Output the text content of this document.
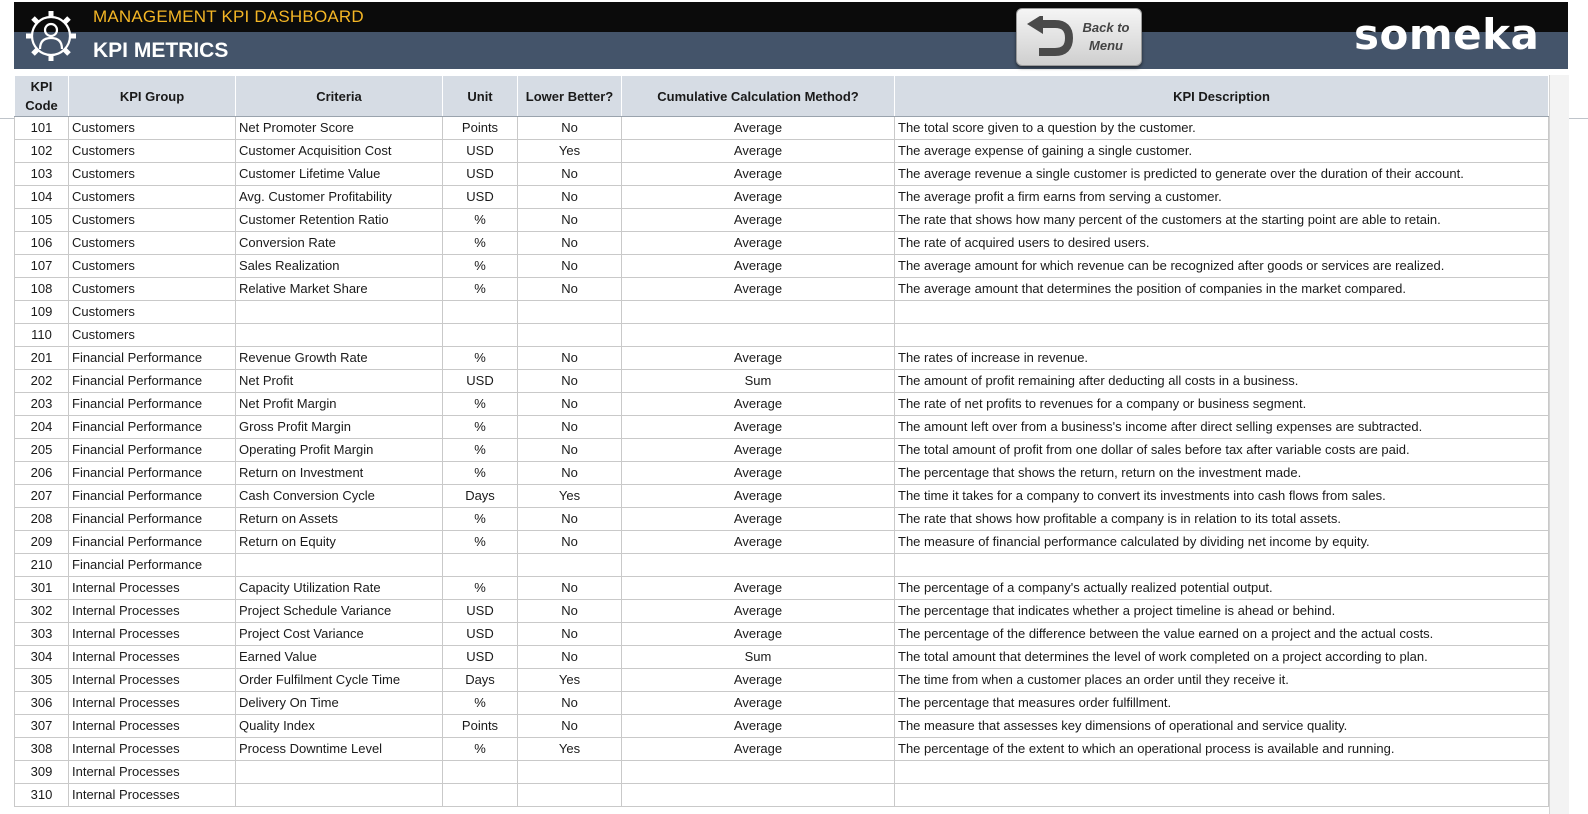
MANAGEMENT KPI DASHBOARD
KPI METRICS
Back to Menu	someka
KPI Code	KPI Group	Criteria	Unit	Lower Better?	Cumulative Calculation Method?	KPI Description
101	Customers	Net Promoter Score	Points	No	Average	The total score given to a question by the customer.
102	Customers	Customer Acquisition Cost	USD	Yes	Average	The average expense of gaining a single customer.
103	Customers	Customer Lifetime Value	USD	No	Average	The average revenue a single customer is predicted to generate over the duration of their account.
104	Customers	Avg. Customer Profitability	USD	No	Average	The average profit a firm earns from serving a customer.
105	Customers	Customer Retention Ratio	%	No	Average	The rate that shows how many percent of the customers at the starting point are able to retain.
106	Customers	Conversion Rate	%	No	Average	The rate of acquired users to desired users.
107	Customers	Sales Realization	%	No	Average	The average amount for which revenue can be recognized after goods or services are realized.
108	Customers	Relative Market Share	%	No	Average	The average amount that determines the position of companies in the market compared.
109	Customers					
110	Customers					
201	Financial Performance	Revenue Growth Rate	%	No	Average	The rates of increase in revenue.
202	Financial Performance	Net Profit	USD	No	Sum	The amount of profit remaining after deducting all costs in a business.
203	Financial Performance	Net Profit Margin	%	No	Average	The rate of net profits to revenues for a company or business segment.
204	Financial Performance	Gross Profit Margin	%	No	Average	The amount left over from a business's income after direct selling expenses are subtracted.
205	Financial Performance	Operating Profit Margin	%	No	Average	The total amount of profit from one dollar of sales before tax after variable costs are paid.
206	Financial Performance	Return on Investment	%	No	Average	The percentage that shows the return, return on the investment made.
207	Financial Performance	Cash Conversion Cycle	Days	Yes	Average	The time it takes for a company to convert its investments into cash flows from sales.
208	Financial Performance	Return on Assets	%	No	Average	The rate that shows how profitable a company is in relation to its total assets.
209	Financial Performance	Return on Equity	%	No	Average	The measure of financial performance calculated by dividing net income by equity.
210	Financial Performance					
301	Internal Processes	Capacity Utilization Rate	%	No	Average	The percentage of a company's actually realized potential output.
302	Internal Processes	Project Schedule Variance	USD	No	Average	The percentage that indicates whether a project timeline is ahead or behind.
303	Internal Processes	Project Cost Variance	USD	No	Average	The percentage of the difference between the value earned on a project and the actual costs.
304	Internal Processes	Earned Value	USD	No	Sum	The total amount that determines the level of work completed on a project according to plan.
305	Internal Processes	Order Fulfilment Cycle Time	Days	Yes	Average	The time from when a customer places an order until they receive it.
306	Internal Processes	Delivery On Time	%	No	Average	The percentage that measures order fulfillment.
307	Internal Processes	Quality Index	Points	No	Average	The measure that assesses key dimensions of operational and service quality.
308	Internal Processes	Process Downtime Level	%	Yes	Average	The percentage of the extent to which an operational process is available and running.
309	Internal Processes					
310	Internal Processes					
